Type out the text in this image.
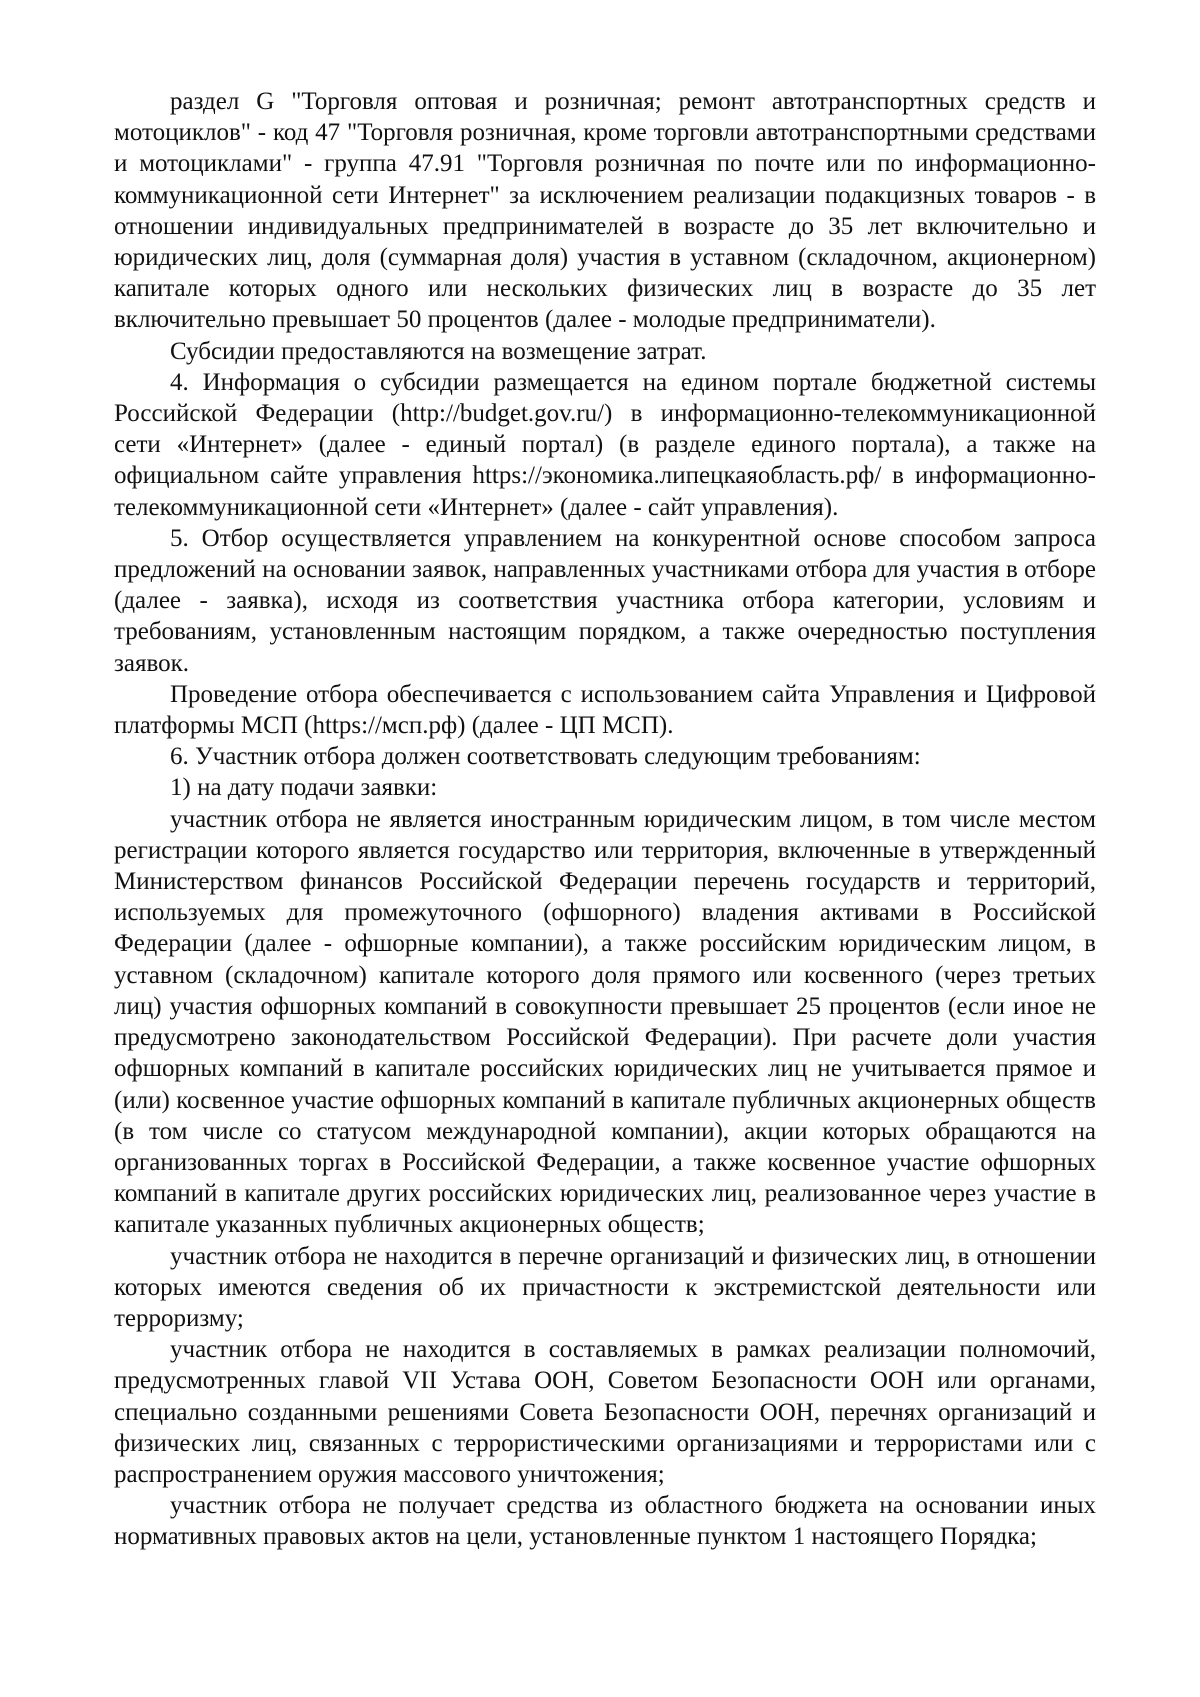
раздел G "Торговля оптовая и розничная; ремонт автотранспортных средств и мотоциклов" - код 47 "Торговля розничная, кроме торговли автотранспортными средствами и мотоциклами" - группа 47.91 "Торговля розничная по почте или по информационно-коммуникационной сети Интернет" за исключением реализации подакцизных товаров - в отношении индивидуальных предпринимателей в возрасте до 35 лет включительно и юридических лиц, доля (суммарная доля) участия в уставном (складочном, акционерном) капитале которых одного или нескольких физических лиц в возрасте до 35 лет включительно превышает 50 процентов (далее - молодые предприниматели).

Субсидии предоставляются на возмещение затрат.

4. Информация о субсидии размещается на едином портале бюджетной системы Российской Федерации (http://budget.gov.ru/) в информационно-телекоммуникационной сети «Интернет» (далее - единый портал) (в разделе единого портала), а также на официальном сайте управления https://экономика.липецкаяобласть.рф/ в информационно-телекоммуникационной сети «Интернет» (далее - сайт управления).

5. Отбор осуществляется управлением на конкурентной основе способом запроса предложений на основании заявок, направленных участниками отбора для участия в отборе (далее - заявка), исходя из соответствия участника отбора категории, условиям и требованиям, установленным настоящим порядком, а также очередностью поступления заявок.

Проведение отбора обеспечивается с использованием сайта Управления и Цифровой платформы МСП (https://мсп.рф) (далее - ЦП МСП).

6. Участник отбора должен соответствовать следующим требованиям:

1) на дату подачи заявки:

участник отбора не является иностранным юридическим лицом, в том числе местом регистрации которого является государство или территория, включенные в утвержденный Министерством финансов Российской Федерации перечень государств и территорий, используемых для промежуточного (офшорного) владения активами в Российской Федерации (далее - офшорные компании), а также российским юридическим лицом, в уставном (складочном) капитале которого доля прямого или косвенного (через третьих лиц) участия офшорных компаний в совокупности превышает 25 процентов (если иное не предусмотрено законодательством Российской Федерации). При расчете доли участия офшорных компаний в капитале российских юридических лиц не учитывается прямое и (или) косвенное участие офшорных компаний в капитале публичных акционерных обществ (в том числе со статусом международной компании), акции которых обращаются на организованных торгах в Российской Федерации, а также косвенное участие офшорных компаний в капитале других российских юридических лиц, реализованное через участие в капитале указанных публичных акционерных обществ;

участник отбора не находится в перечне организаций и физических лиц, в отношении которых имеются сведения об их причастности к экстремистской деятельности или терроризму;

участник отбора не находится в составляемых в рамках реализации полномочий, предусмотренных главой VII Устава ООН, Советом Безопасности ООН или органами, специально созданными решениями Совета Безопасности ООН, перечнях организаций и физических лиц, связанных с террористическими организациями и террористами или с распространением оружия массового уничтожения;

участник отбора не получает средства из областного бюджета на основании иных нормативных правовых актов на цели, установленные пунктом 1 настоящего Порядка;
